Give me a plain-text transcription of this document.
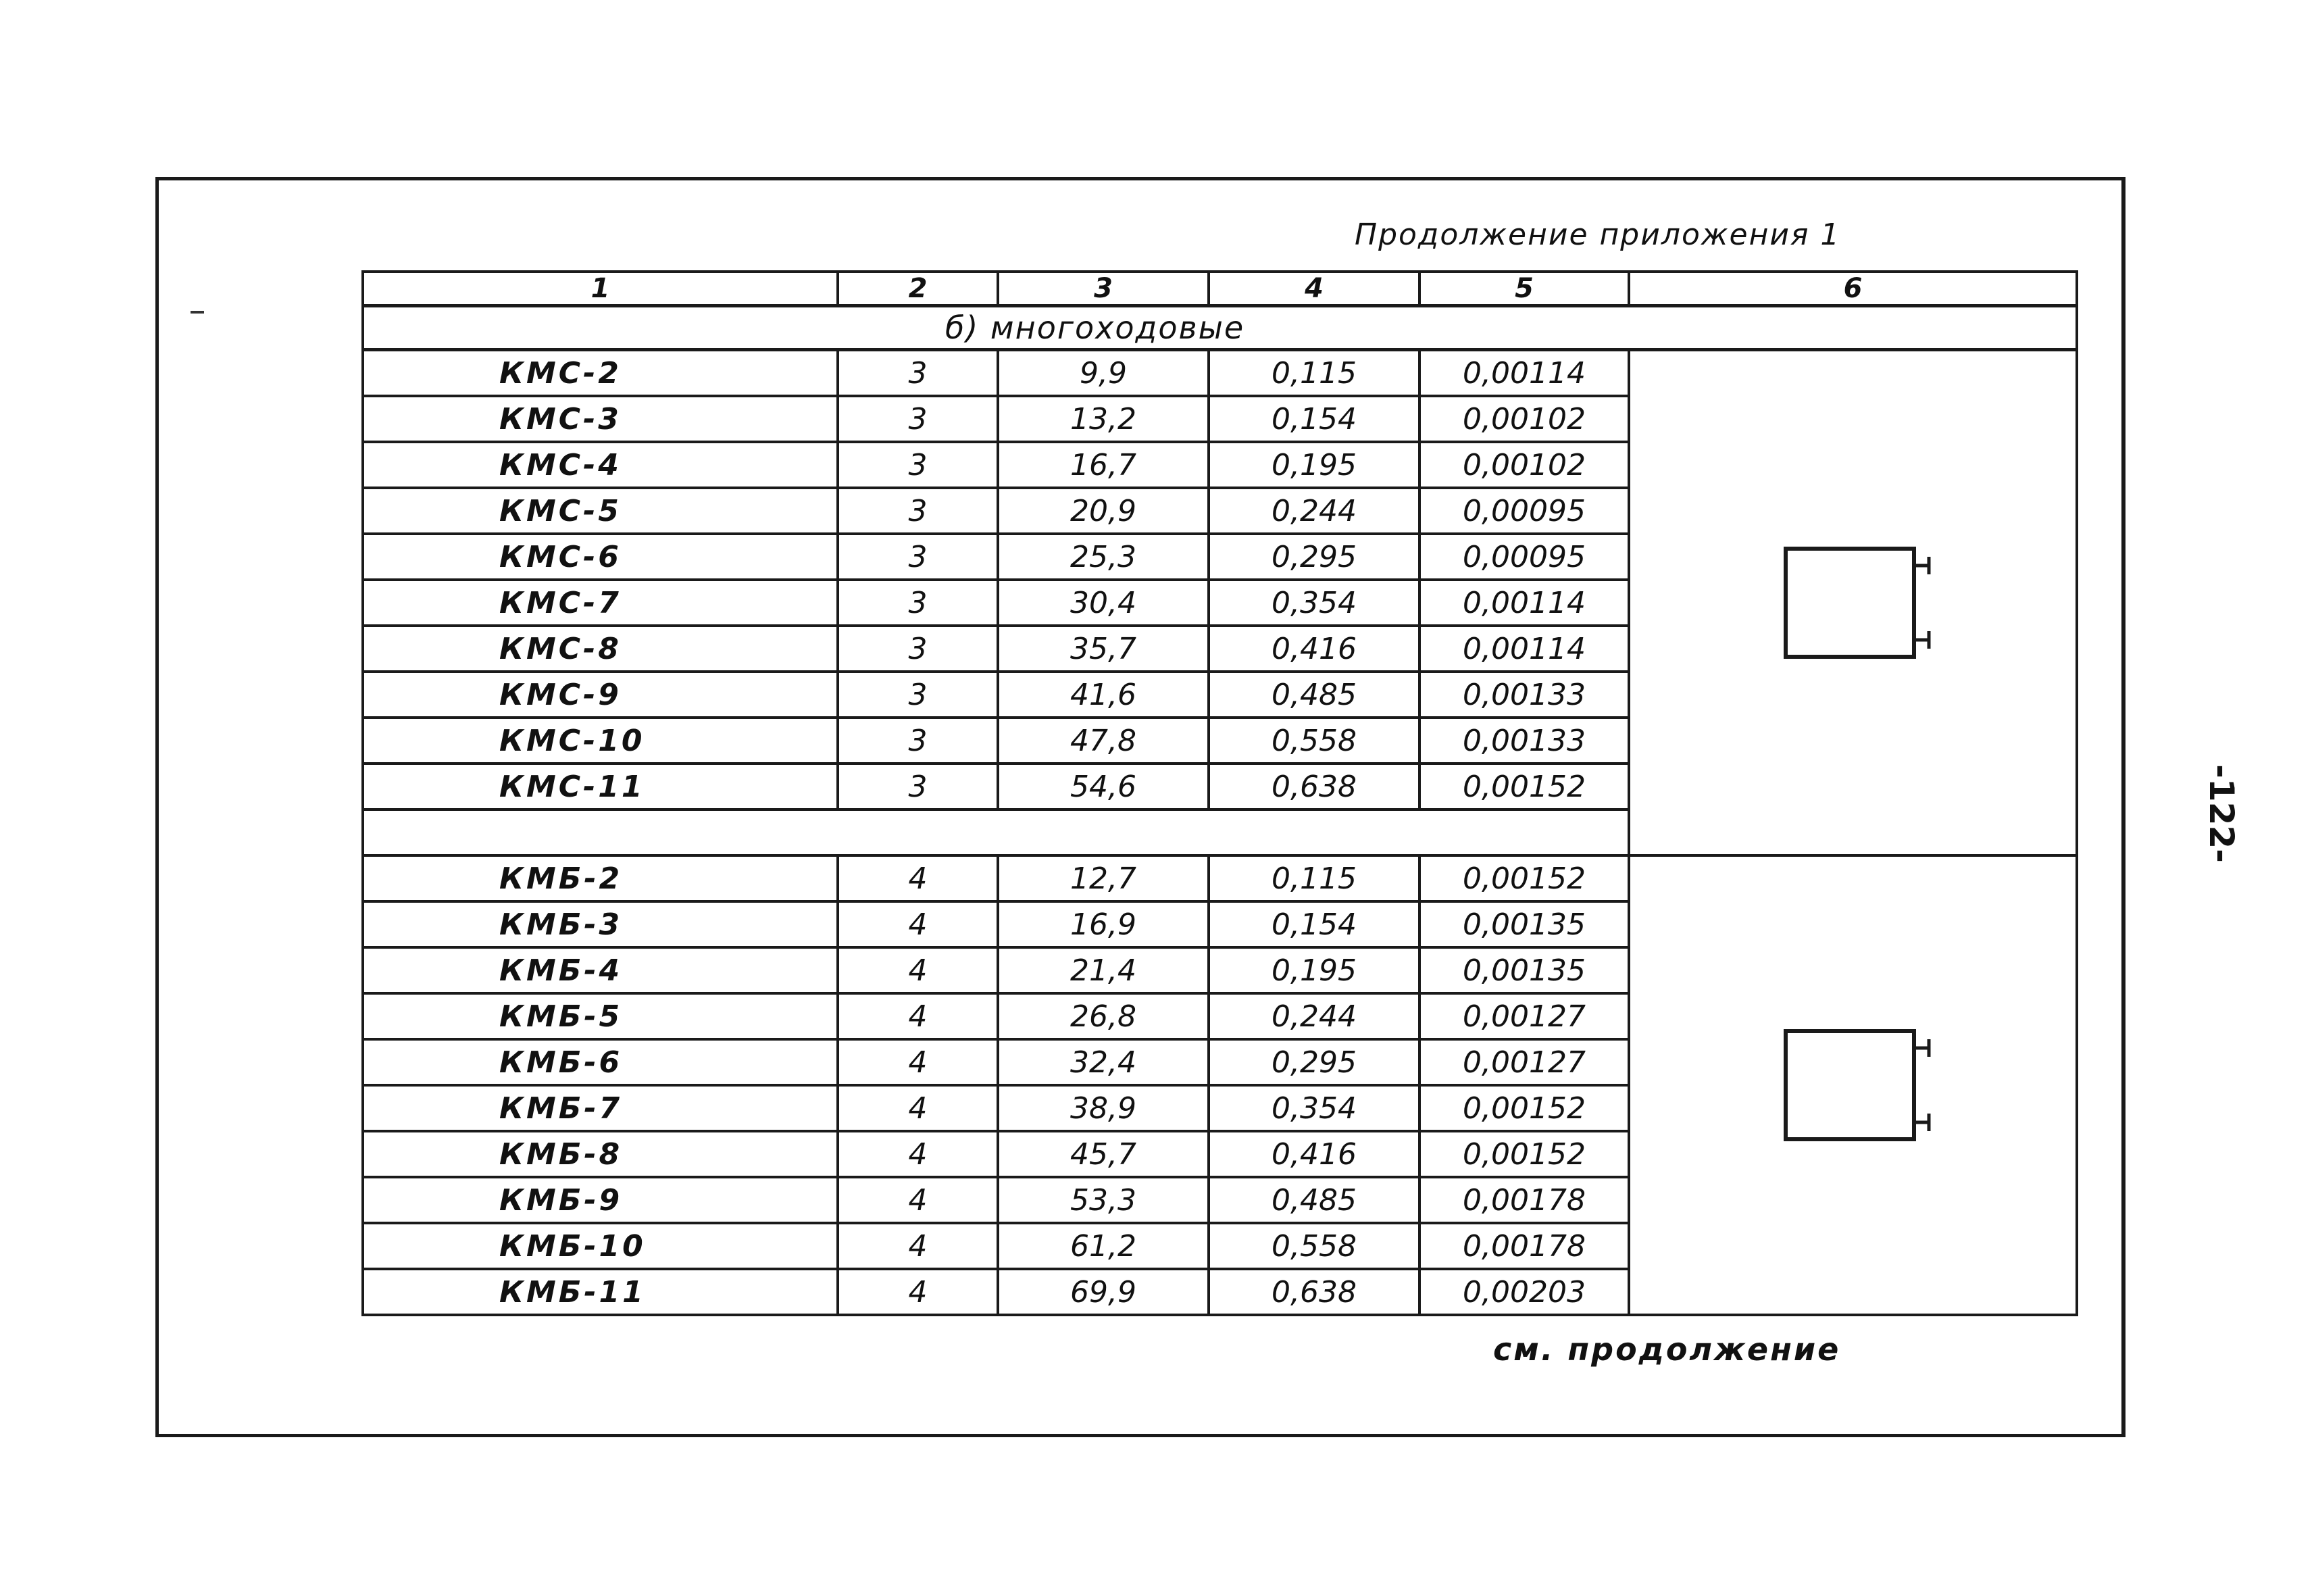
Продолжение приложения 1
1	2	3	4	5	6
б) многоходовые					
КМС-2	3	9,9	0,115	0,00114	

КМС-3	3	13,2	0,154	0,00102	
КМС-4	3	16,7	0,195	0,00102	
КМС-5	3	20,9	0,244	0,00095	
КМС-6	3	25,3	0,295	0,00095	
КМС-7	3	30,4	0,354	0,00114	
КМС-8	3	35,7	0,416	0,00114	
КМС-9	3	41,6	0,485	0,00133	
КМС-10	3	47,8	0,558	0,00133	
КМС-11	3	54,6	0,638	0,00152	

КМБ-2	4	12,7	0,115	0,00152	

КМБ-3	4	16,9	0,154	0,00135	
КМБ-4	4	21,4	0,195	0,00135	
КМБ-5	4	26,8	0,244	0,00127	
КМБ-6	4	32,4	0,295	0,00127	
КМБ-7	4	38,9	0,354	0,00152	
КМБ-8	4	45,7	0,416	0,00152	
КМБ-9	4	53,3	0,485	0,00178	
КМБ-10	4	61,2	0,558	0,00178	
КМБ-11	4	69,9	0,638	0,00203	
см. продолжение
-122-
